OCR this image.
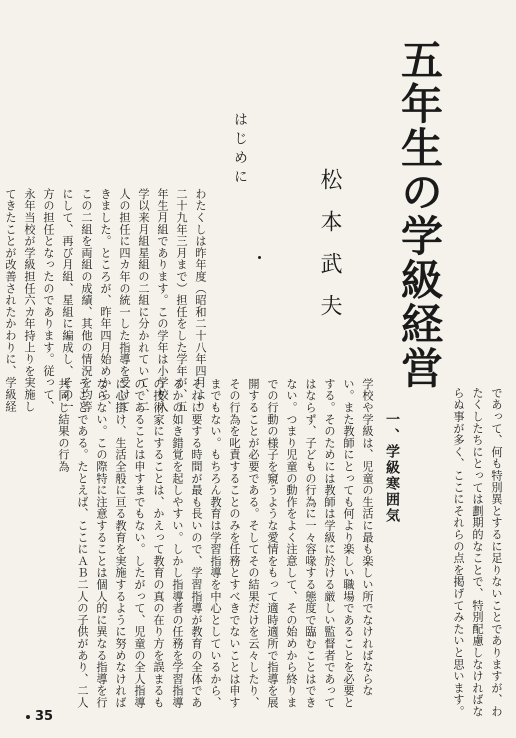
五年生の学級経営
松本武夫
はじめに
わたくしは昨年度（昭和二十八年四月より二十九年三月まで）担任をした学年が、五年生月組であります。この学年は小学校入学以来月組星組の二組に分かれていて、二人の担任に四カ年の統一した指導を受けてきました。ところが、昨年四月始めから、この二組を両組の成績、其他の情況を均等にして、再び月組、星組に編成し、その一方の担任となったのであります。従って、永年当校が学級担任六カ年持上りを実施してきたことが改善されたかわりに、学級経	であって、何も特別異とするに足りないことでありますが、わたくしたちにとっては劃期的なことで、特別配慮しなければならぬ事が多く、ここにそれらの点を掲げてみたいと思います。
一、学級寒囲気
学校や学級は、児童の生活に最も楽しい所でなければならない。また教師にとっても何より楽しい職場であることを必要とする。そのためには教師は学級に於ける厳しい監督者であってはならず、子どもの行為に一々容喙する態度で臨むことはできない。つまり児童の動作をよく注意して、その始めから終りまでの行動の様子を窺うような愛情をもって適時適所で指導を展開することが必要である。そしてその結果だけを云々したり、その行為を叱責することのみを任務とすべきでないことは申すまでもない。もちろん教育は学習指導を中心としているから、それに要する時間が最も長いので、学習指導が教育の全体であるかの如き錯覚を起しやすい。しかし指導者の任務を学習指導の技術家にすることは、かえって教育の真の在り方を誤まるものであることは申すまでもない。したがって、児童の全人指導に心掛け、生活全般に亘る教育を実施するように努めなければならない。この際特に注意することは個人的に異なる指導を行うことである。たとえば、ここにＡＢ二人の子供があり、二人共同じ結果の行為
35
